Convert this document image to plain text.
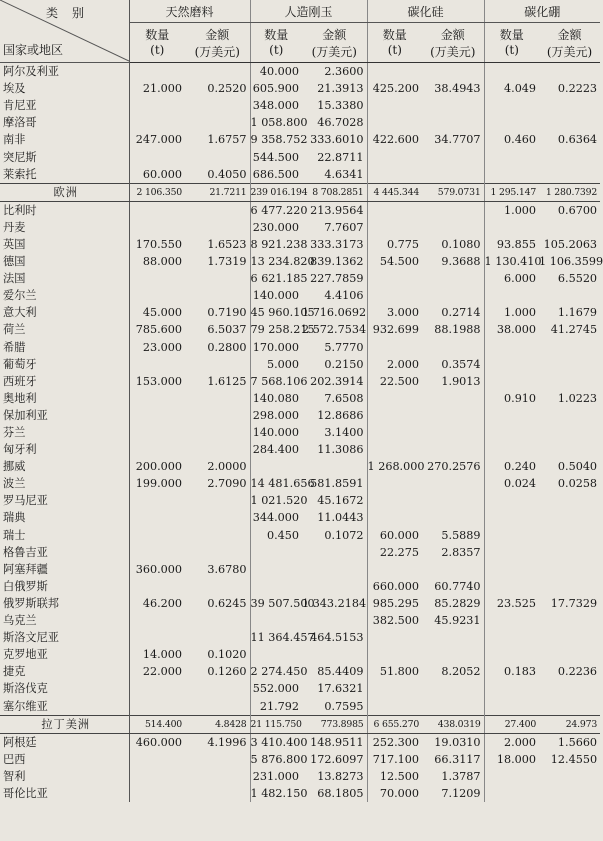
类别
国家或地区	天然磨料		人造刚玉		碳化硅		碳化硼	
	数量	金额	数量	金额	数量	金额	数量	金额
	(t)	(万美元)	(t)	(万美元)	(t)	(万美元)	(t)	(万美元)
阿尔及利亚			40.000	2.3600				
埃及	21.000	0.2520	605.900	21.3913	425.200	38.4943	4.049	0.2223
肯尼亚			348.000	15.3380				
摩洛哥			1 058.800	46.7028				
南非	247.000	1.6757	9 358.752	333.6010	422.600	34.7707	0.460	0.6364
突尼斯			544.500	22.8711				
莱索托	60.000	0.4050	686.500	4.6341				
欧洲	2 106.350	21.7211	239 016.194	8 708.2851	4 445.344	579.0731	1 295.147	1 280.7392
比利时			6 477.220	213.9564			1.000	0.6700
丹麦			230.000	7.7607				
英国	170.550	1.6523	8 921.238	333.3173	0.775	0.1080	93.855	105.2063
德国	88.000	1.7319	13 234.820	839.1362	54.500	9.3688	1 130.410	1 106.3599
法国			6 621.185	227.7859			6.000	6.5520
爱尔兰			140.000	4.4106				
意大利	45.000	0.7190	45 960.105	1 716.0692	3.000	0.2714	1.000	1.1679
荷兰	785.600	6.5037	79 258.215	2 572.7534	932.699	88.1988	38.000	41.2745
希腊	23.000	0.2800	170.000	5.7770				
葡萄牙			5.000	0.2150	2.000	0.3574		
西班牙	153.000	1.6125	7 568.106	202.3914	22.500	1.9013		
奥地利			140.080	7.6508			0.910	1.0223
保加利亚			298.000	12.8686				
芬兰			140.000	3.1400				
匈牙利			284.400	11.3086				
挪威	200.000	2.0000			1 268.000	270.2576	0.240	0.5040
波兰	199.000	2.7090	14 481.656	581.8591			0.024	0.0258
罗马尼亚			1 021.520	45.1672				
瑞典			344.000	11.0443				
瑞士			0.450	0.1072	60.000	5.5889		
格鲁吉亚					22.275	2.8357		
阿塞拜疆	360.000	3.6780						
白俄罗斯					660.000	60.7740		
俄罗斯联邦	46.200	0.6245	39 507.500	1 343.2184	985.295	85.2829	23.525	17.7329
乌克兰					382.500	45.9231		
斯洛文尼亚			11 364.457	464.5153				
克罗地亚	14.000	0.1020						
捷克	22.000	0.1260	2 274.450	85.4409	51.800	8.2052	0.183	0.2236
斯洛伐克			552.000	17.6321				
塞尔维亚			21.792	0.7595				
拉丁美洲	514.400	4.8428	21 115.750	773.8985	6 655.270	438.0319	27.400	24.973
阿根廷	460.000	4.1996	3 410.400	148.9511	252.300	19.0310	2.000	1.5660
巴西			5 876.800	172.6097	717.100	66.3117	18.000	12.4550
智利			231.000	13.8273	12.500	1.3787		
哥伦比亚			1 482.150	68.1805	70.000	7.1209		
